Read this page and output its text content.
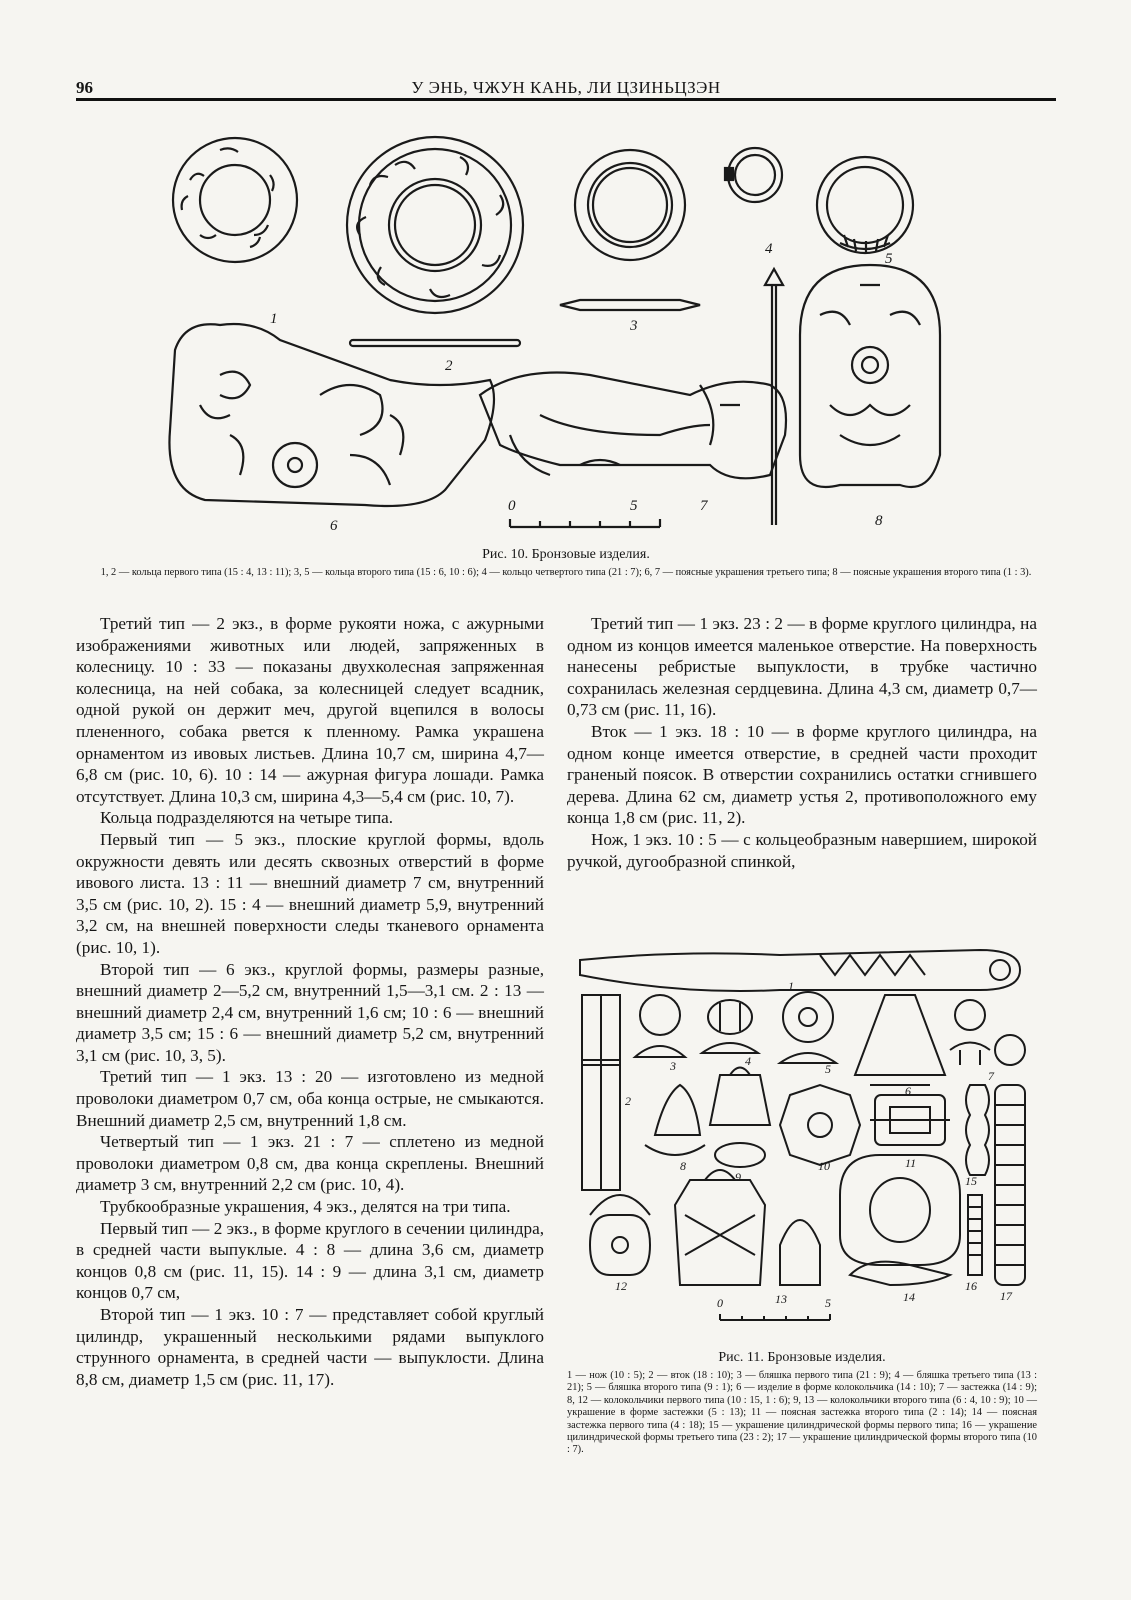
96	У ЭНЬ, ЧЖУН КАНЬ, ЛИ ЦЗИНЬЦЗЭН
1
2
3
4
5
6
7
8
0	5
Рис. 10. Бронзовые изделия.
1, 2 — кольца первого типа (15 : 4, 13 : 11); 3, 5 — кольца второго типа (15 : 6, 10 : 6); 4 — кольцо четвертого типа (21 : 7); 6, 7 — поясные украшения третьего типа; 8 — поясные украшения второго типа (1 : 3).

Третий тип — 2 экз., в форме рукояти ножа, с ажурными изображениями животных или людей, запряженных в колесницу. 10 : 33 — показаны двухколесная запряженная колесница, на ней собака, за колесницей следует всадник, одной рукой он держит меч, другой вцепился в волосы плененного, собака рвется к пленному. Рамка украшена орнаментом из ивовых листьев. Длина 10,7 см, ширина 4,7—6,8 см (рис. 10, 6). 10 : 14 — ажурная фигура лошади. Рамка отсутствует. Длина 10,3 см, ширина 4,3—5,4 см (рис. 10, 7).

Кольца подразделяются на четыре типа.

Первый тип — 5 экз., плоские круглой формы, вдоль окружности девять или десять сквозных отверстий в форме ивового листа. 13 : 11 — внешний диаметр 7 см, внутренний 3,5 см (рис. 10, 2). 15 : 4 — внешний диаметр 5,9, внутренний 3,2 см, на внешней поверхности следы тканевого орнамента (рис. 10, 1).

Второй тип — 6 экз., круглой формы, размеры разные, внешний диаметр 2—5,2 см, внутренний 1,5—3,1 см. 2 : 13 — внешний диаметр 2,4 см, внутренний 1,6 см; 10 : 6 — внешний диаметр 3,5 см; 15 : 6 — внешний диаметр 5,2 см, внутренний 3,1 см (рис. 10, 3, 5).

Третий тип — 1 экз. 13 : 20 — изготовлено из медной проволоки диаметром 0,7 см, оба конца острые, не смыкаются. Внешний диаметр 2,5 см, внутренний 1,8 см.

Четвертый тип — 1 экз. 21 : 7 — сплетено из медной проволоки диаметром 0,8 см, два конца скреплены. Внешний диаметр 3 см, внутренний 2,2 см (рис. 10, 4).

Трубкообразные украшения, 4 экз., делятся на три типа.

Первый тип — 2 экз., в форме круглого в сечении цилиндра, в средней части выпуклые. 4 : 8 — длина 3,6 см, диаметр концов 0,8 см (рис. 11, 15). 14 : 9 — длина 3,1 см, диаметр концов 0,7 см,

Второй тип — 1 экз. 10 : 7 — представляет собой круглый цилиндр, украшенный несколькими рядами выпуклого струнного орнамента, в средней части — выпуклости. Длина 8,8 см, диаметр 1,5 см (рис. 11, 17).

Третий тип — 1 экз. 23 : 2 — в форме круглого цилиндра, на одном из концов имеется маленькое отверстие. На поверхность нанесены ребристые выпуклости, в трубке частично сохранилась железная сердцевина. Длина 4,3 см, диаметр 0,7—0,73 см (рис. 11, 16).

Вток — 1 экз. 18 : 10 — в форме круглого цилиндра, на одном конце имеется отверстие, в средней части проходит граненый поясок. В отверстии сохранились остатки сгнившего дерева. Длина 62 см, диаметр устья 2, противоположного ему конца 1,8 см (рис. 11, 2).

Нож, 1 экз. 10 : 5 — с кольцеобразным навершием, широкой ручкой, дугообразной спинкой,

1
2
3	4
5
6
7
8
9
10	11
12
13	14
15
16
17
0	5
Рис. 11. Бронзовые изделия.
1 — нож (10 : 5); 2 — вток (18 : 10); 3 — бляшка первого типа (21 : 9); 4 — бляшка третьего типа (13 : 21); 5 — бляшка второго типа (9 : 1); 6 — изделие в форме колокольчика (14 : 10); 7 — застежка (14 : 9); 8, 12 — колокольчики первого типа (10 : 15, 1 : 6); 9, 13 — колокольчики второго типа (6 : 4, 10 : 9); 10 — украшение в форме застежки (5 : 13); 11 — поясная застежка второго типа (2 : 14); 14 — поясная застежка первого типа (4 : 18); 15 — украшение цилиндрической формы первого типа; 16 — украшение цилиндрической формы третьего типа (23 : 2); 17 — украшение цилиндрической формы второго типа (10 : 7).
